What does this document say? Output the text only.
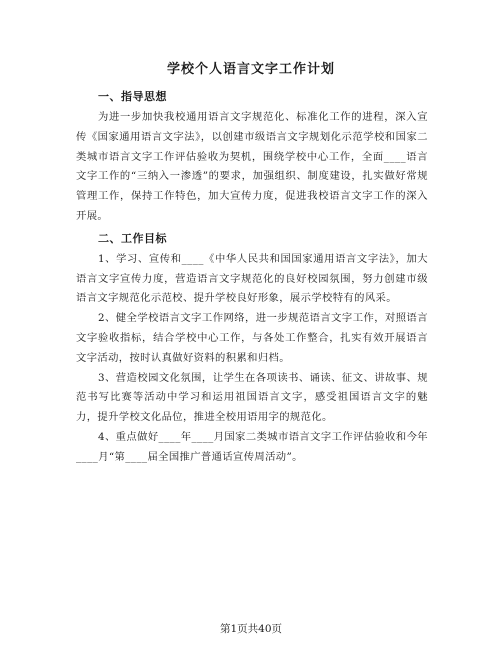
学校个人语言文字工作计划

一、指导思想

为进一步加快我校通用语言文字规范化、标准化工作的进程，深入宣传《国家通用语言文字法》，以创建市级语言文字规划化示范学校和国家二类城市语言文字工作评估验收为契机，围绕学校中心工作，全面____语言文字工作的“三纳入一渗透”的要求，加强组织、制度建设，扎实做好常规管理工作，保持工作特色，加大宣传力度，促进我校语言文字工作的深入开展。

二、工作目标

1、学习、宣传和____《中华人民共和国国家通用语言文字法》，加大语言文字宣传力度，营造语言文字规范化的良好校园氛围，努力创建市级语言文字规范化示范校、提升学校良好形象，展示学校特有的风采。

2、健全学校语言文字工作网络，进一步规范语言文字工作，对照语言文字验收指标，结合学校中心工作，与各处工作整合，扎实有效开展语言文字活动，按时认真做好资料的积累和归档。

3、营造校园文化氛围，让学生在各项读书、诵读、征文、讲故事、规范书写比赛等活动中学习和运用祖国语言文字，感受祖国语言文字的魅力，提升学校文化品位，推进全校用语用字的规范化。

4、重点做好____年____月国家二类城市语言文字工作评估验收和今年____月“第____届全国推广普通话宣传周活动”。

第1页共40页
